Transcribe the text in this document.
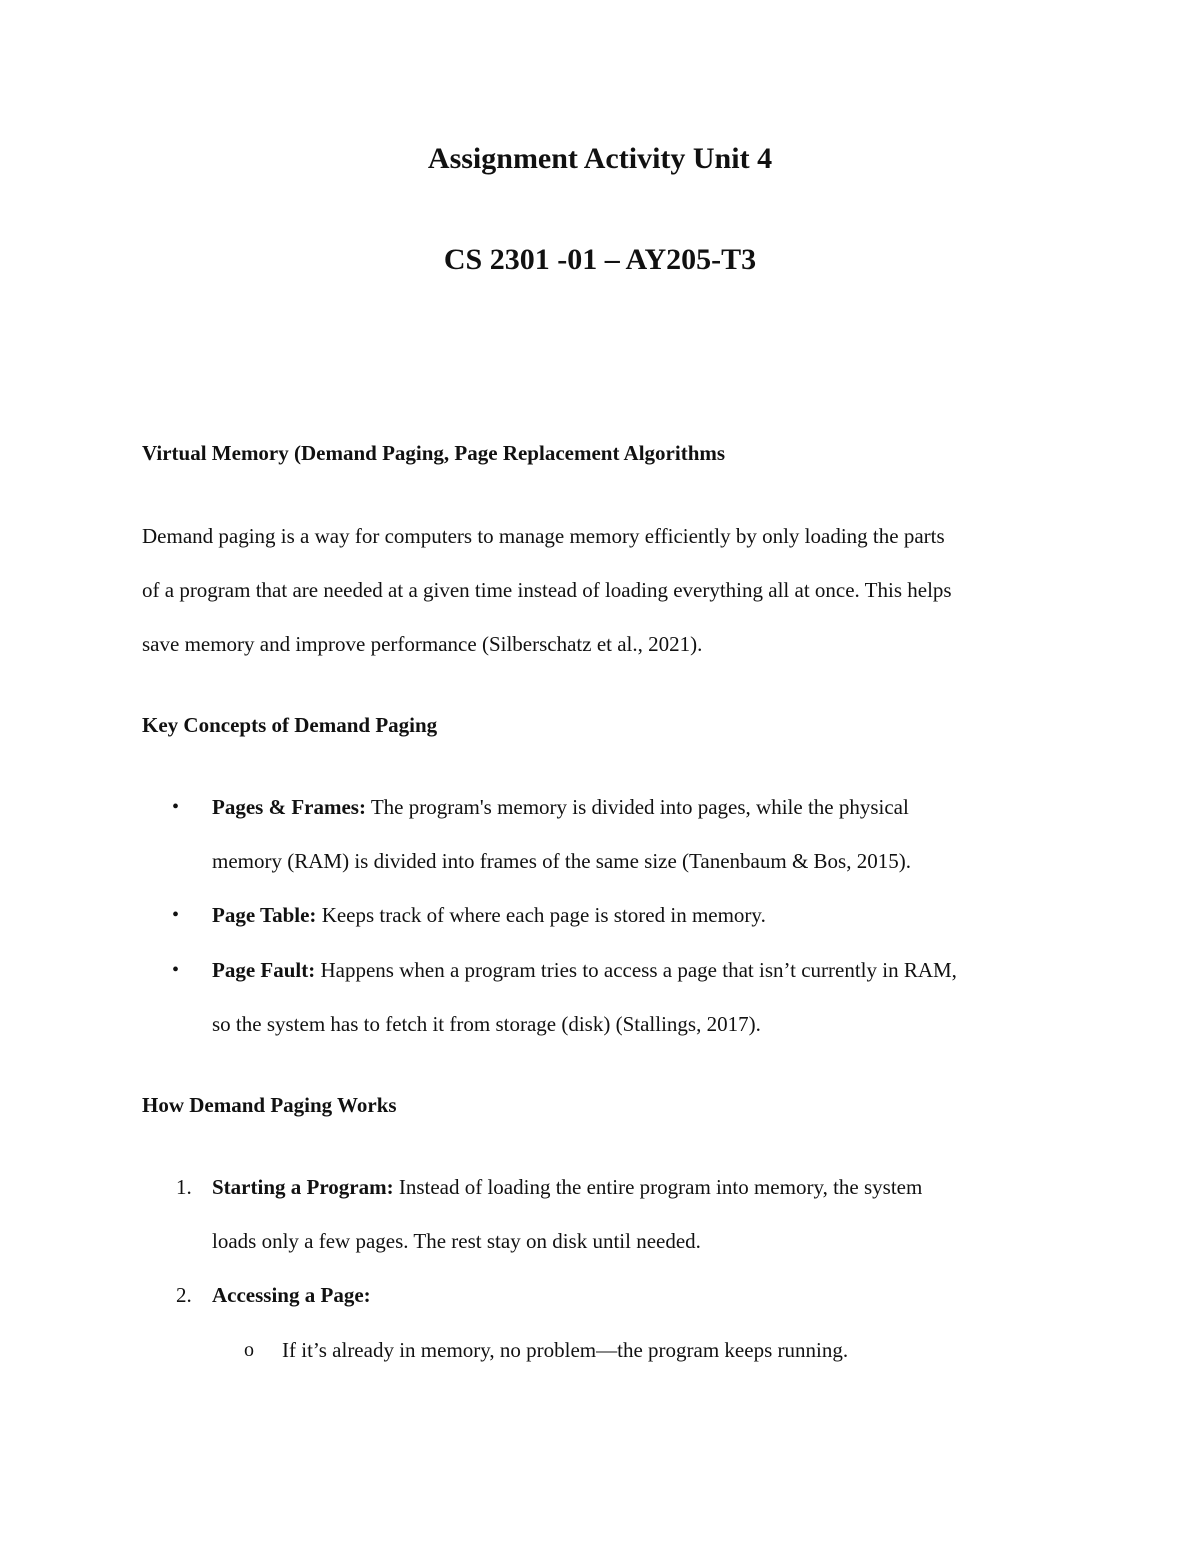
Assignment Activity Unit 4
CS 2301 -01 – AY205-T3
Virtual Memory (Demand Paging, Page Replacement Algorithms
Demand paging is a way for computers to manage memory efficiently by only loading the parts
of a program that are needed at a given time instead of loading everything all at once. This helps
save memory and improve performance (Silberschatz et al., 2021).
Key Concepts of Demand Paging
• Pages & Frames: The program's memory is divided into pages, while the physical
memory (RAM) is divided into frames of the same size (Tanenbaum & Bos, 2015).
• Page Table: Keeps track of where each page is stored in memory.
• Page Fault: Happens when a program tries to access a page that isn’t currently in RAM,
so the system has to fetch it from storage (disk) (Stallings, 2017).
How Demand Paging Works
1. Starting a Program: Instead of loading the entire program into memory, the system
loads only a few pages. The rest stay on disk until needed.
2. Accessing a Page:
o If it’s already in memory, no problem—the program keeps running.
